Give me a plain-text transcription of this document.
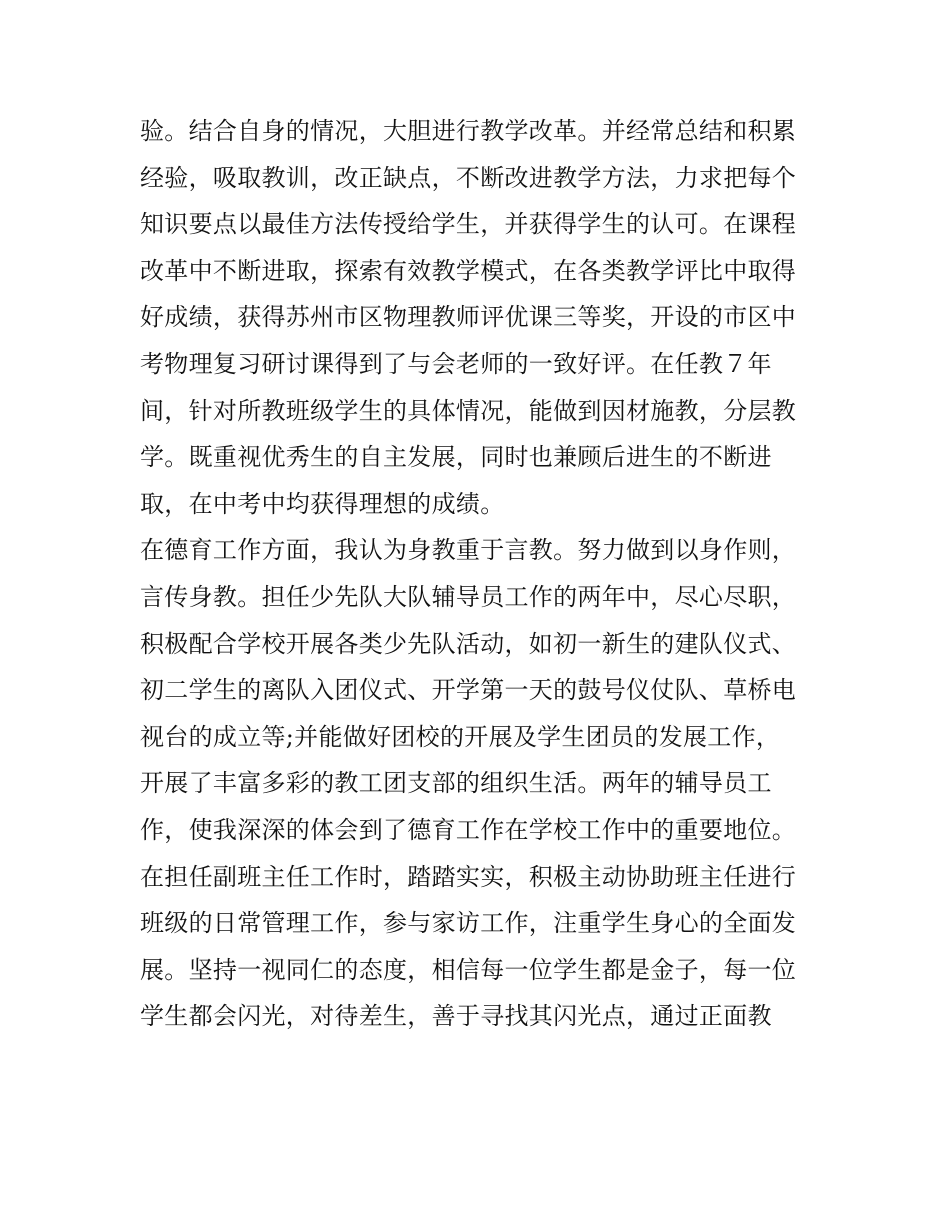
验。结合自身的情况，大胆进行教学改革。并经常总结和积累
经验，吸取教训，改正缺点，不断改进教学方法，力求把每个
知识要点以最佳方法传授给学生，并获得学生的认可。在课程
改革中不断进取，探索有效教学模式，在各类教学评比中取得
好成绩，获得苏州市区物理教师评优课三等奖，开设的市区中
考物理复习研讨课得到了与会老师的一致好评。在任教７年
间，针对所教班级学生的具体情况，能做到因材施教，分层教
学。既重视优秀生的自主发展，同时也兼顾后进生的不断进
取，在中考中均获得理想的成绩。
在德育工作方面，我认为身教重于言教。努力做到以身作则，
言传身教。担任少先队大队辅导员工作的两年中，尽心尽职，
积极配合学校开展各类少先队活动，如初一新生的建队仪式、
初二学生的离队入团仪式、开学第一天的鼓号仪仗队、草桥电
视台的成立等;并能做好团校的开展及学生团员的发展工作，
开展了丰富多彩的教工团支部的组织生活。两年的辅导员工
作，使我深深的体会到了德育工作在学校工作中的重要地位。
在担任副班主任工作时，踏踏实实，积极主动协助班主任进行
班级的日常管理工作，参与家访工作，注重学生身心的全面发
展。坚持一视同仁的态度，相信每一位学生都是金子，每一位
学生都会闪光，对待差生，善于寻找其闪光点，通过正面教
